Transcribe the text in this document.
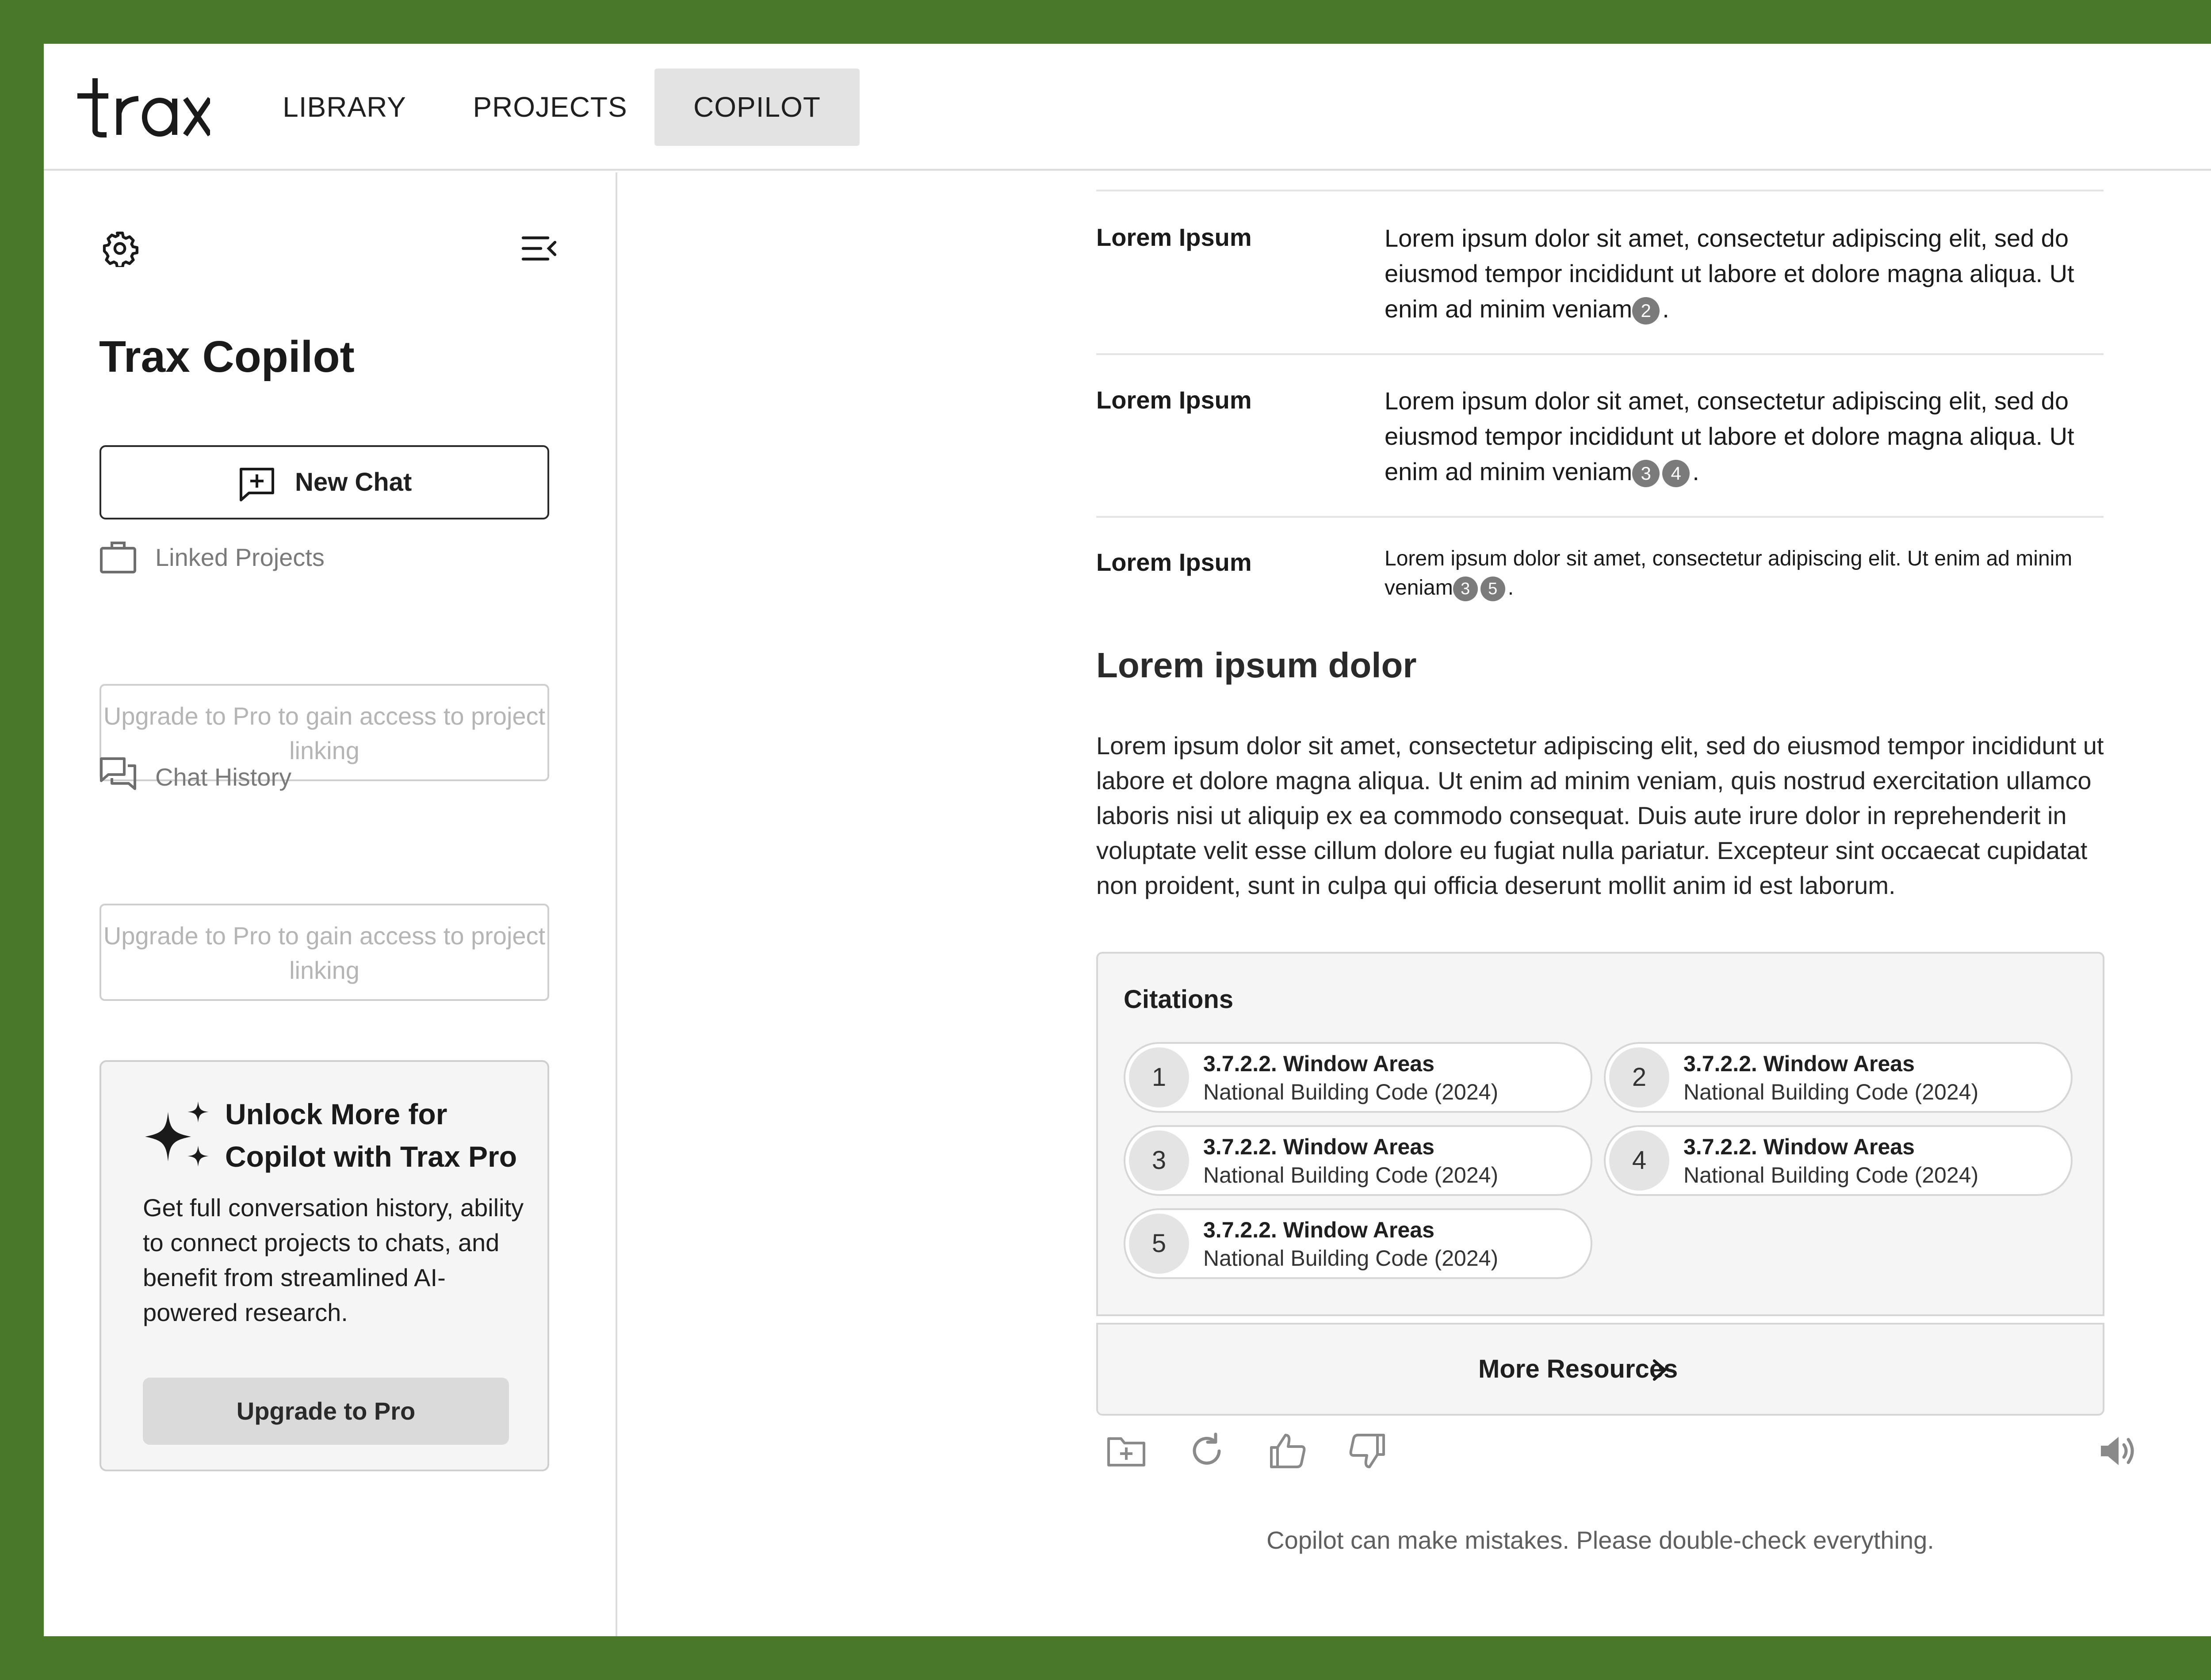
LIBRARY PROJECTS	COPILOT
Trax Copilot
New Chat
Linked Projects
Upgrade to Pro to gain access to project linking
Chat History
Upgrade to Pro to gain access to project linking
Unlock More for Copilot with Trax Pro
Get full conversation history, ability to connect projects to chats, and benefit from streamlined AI-powered research.
Upgrade to Pro
Lorem Ipsum	Lorem ipsum dolor sit amet, consectetur adipiscing elit, sed do eiusmod tempor incididunt ut labore et dolore magna aliqua. Ut enim ad minim veniam 2 .
Lorem Ipsum	Lorem ipsum dolor sit amet, consectetur adipiscing elit, sed do eiusmod tempor incididunt ut labore et dolore magna aliqua. Ut enim ad minim veniam 3 4 .
Lorem Ipsum	Lorem ipsum dolor sit amet, consectetur adipiscing elit. Ut enim ad minim veniam 3 5 .
Lorem ipsum dolor
Lorem ipsum dolor sit amet, consectetur adipiscing elit, sed do eiusmod tempor incididunt ut labore et dolore magna aliqua. Ut enim ad minim veniam, quis nostrud exercitation ullamco laboris nisi ut aliquip ex ea commodo consequat. Duis aute irure dolor in reprehenderit in voluptate velit esse cillum dolore eu fugiat nulla pariatur. Excepteur sint occaecat cupidatat non proident, sunt in culpa qui officia deserunt mollit anim id est laborum.
Citations
1	3.7.2.2. Window Areas
National Building Code (2024)
2	3.7.2.2. Window Areas
National Building Code (2024)
3	3.7.2.2. Window Areas
National Building Code (2024)
4	3.7.2.2. Window Areas
National Building Code (2024)
5	3.7.2.2. Window Areas
National Building Code (2024)
More Resources
Copilot can make mistakes. Please double-check everything.
